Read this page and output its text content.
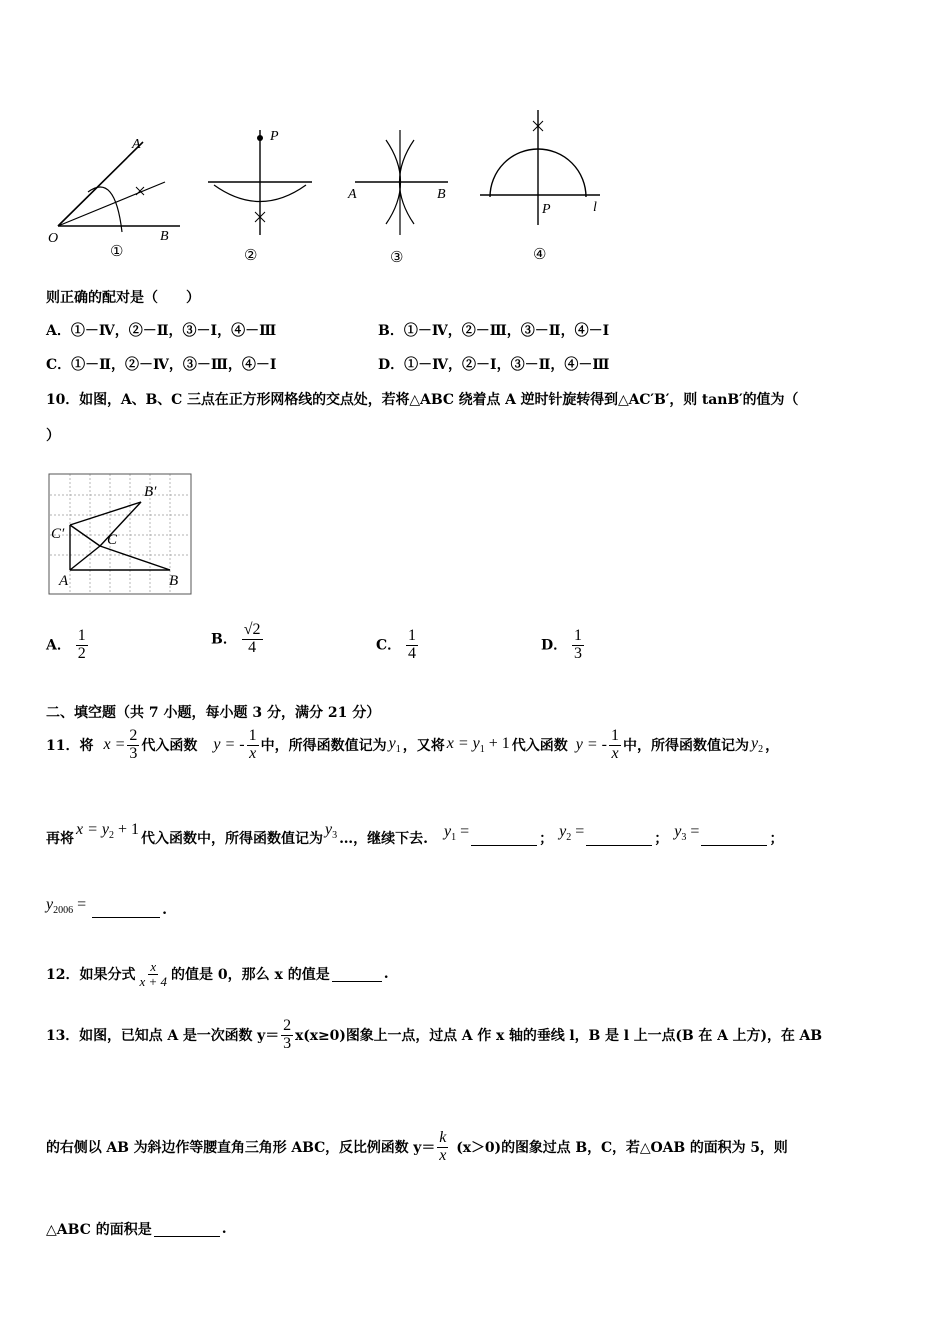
A
O	B
①
P
②
A	B
③
P	l
④
则正确的配对是（　　）
A．①－Ⅳ，②－Ⅱ，③－Ⅰ，④－Ⅲ	B．①－Ⅳ，②－Ⅲ，③－Ⅱ，④－Ⅰ
C．①－Ⅱ，②－Ⅳ，③－Ⅲ，④－Ⅰ	D．①－Ⅳ，②－Ⅰ，③－Ⅱ，④－Ⅲ
10．如图，A、B、C 三点在正方形网格线的交点处，若将△ABC 绕着点 A 逆时针旋转得到△AC′B′，则 tanB′的值为（
）
B′
C′	C
A	B
A． $\frac{1}{2}$	B． $\frac{√2}{4}$	C． $\frac{1}{4}$	D． $\frac{1}{3}$
二、填空题（共 7 小题，每小题 3 分，满分 21 分）
11．将 $x = \frac{2}{3}$ 代入函数 y = - $\frac{1}{x}$ 中，所得函数值记为 $y_1$ ，又将 $x = y_1 + 1$ 代入函数 y = - $\frac{1}{x}$ 中，所得函数值记为 $y_2$ ，
再将
$x = y_2 + 1$
代入函数中，所得函数值记为
$y_3$ …，继续下去. $y_1$ =	； $y_2$ =	； $y_3$ =	；
$y_{2006}$ =	.
12．如果分式 $\frac{x}{x + 4}$ 的值是 0，那么 x 的值是	.
13．如图，已知点 A 是一次函数 $y= \frac{2}{3} x(x\ge 0)$图象上一点，过点 A 作 x 轴的垂线 l，B 是 l 上一点(B 在 A 上方)，在 AB
的右侧以 AB 为斜边作等腰直角三角形 ABC，反比例函数 $y= \frac{k}{x} (x>0)$的图象过点 B，C，若△OAB 的面积为 5，则
△ABC 的面积是	.
